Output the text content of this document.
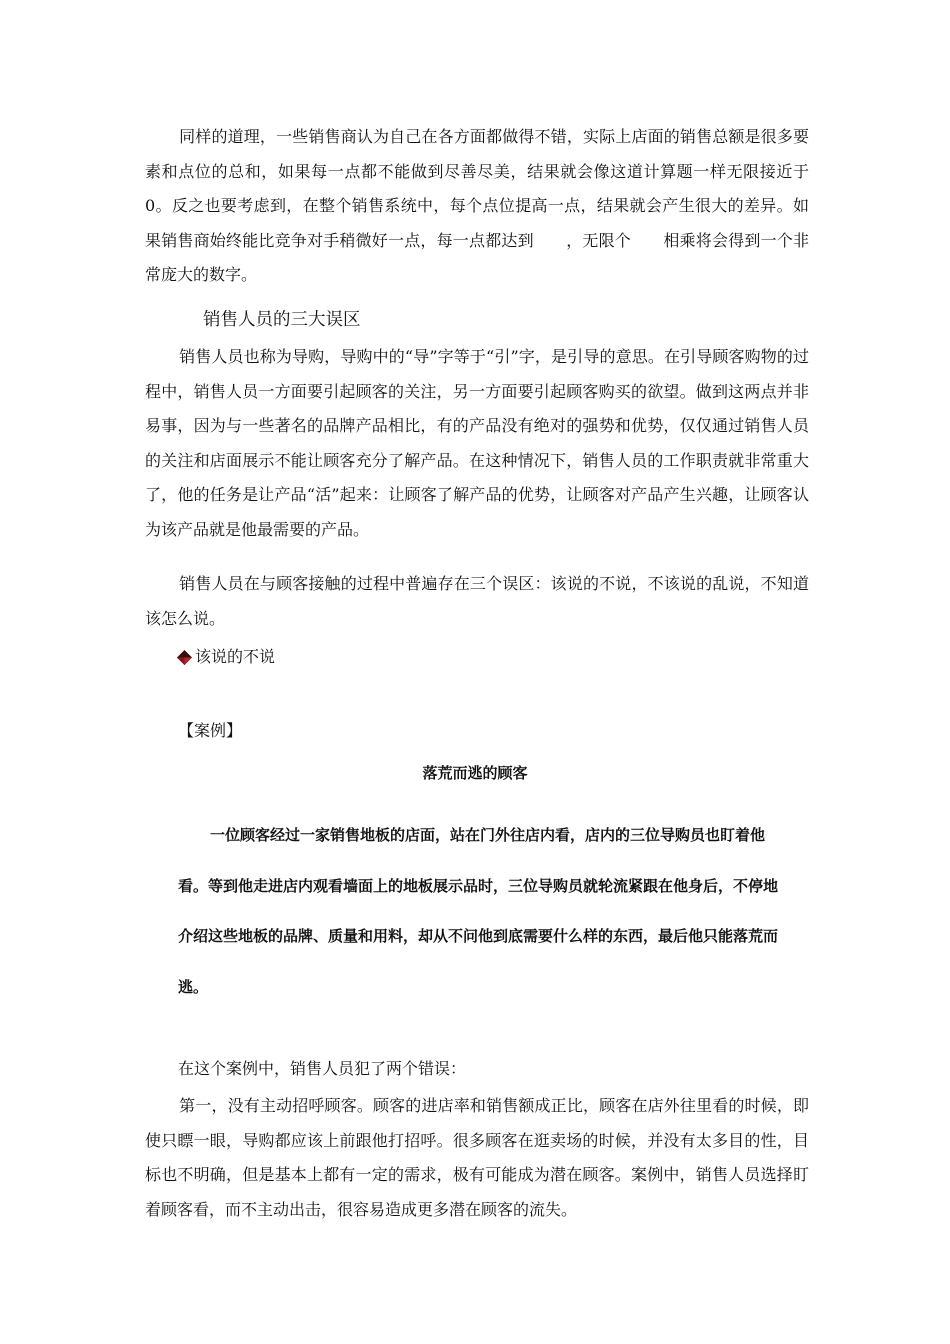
同样的道理，一些销售商认为自己在各方面都做得不错，实际上店面的销售总额是很多要素和点位的总和，如果每一点都不能做到尽善尽美，结果就会像这道计算题一样无限接近于 0。反之也要考虑到，在整个销售系统中，每个点位提高一点，结果就会产生很大的差异。如果销售商始终能比竞争对手稍微好一点，每一点都达到　　，无限个　　相乘将会得到一个非常庞大的数字。

销售人员的三大误区

销售人员也称为导购，导购中的“导”字等于“引”字，是引导的意思。在引导顾客购物的过程中，销售人员一方面要引起顾客的关注，另一方面要引起顾客购买的欲望。做到这两点并非易事，因为与一些著名的品牌产品相比，有的产品没有绝对的强势和优势，仅仅通过销售人员的关注和店面展示不能让顾客充分了解产品。在这种情况下，销售人员的工作职责就非常重大了，他的任务是让产品“活”起来：让顾客了解产品的优势，让顾客对产品产生兴趣，让顾客认为该产品就是他最需要的产品。

销售人员在与顾客接触的过程中普遍存在三个误区：该说的不说，不该说的乱说，不知道该怎么说。

该说的不说
【案例】
落荒而逃的顾客

一位顾客经过一家销售地板的店面，站在门外往店内看，店内的三位导购员也盯着他看。等到他走进店内观看墙面上的地板展示品时，三位导购员就轮流紧跟在他身后，不停地介绍这些地板的品牌、质量和用料，却从不问他到底需要什么样的东西，最后他只能落荒而逃。

在这个案例中，销售人员犯了两个错误：

第一，没有主动招呼顾客。顾客的进店率和销售额成正比，顾客在店外往里看的时候，即使只瞟一眼，导购都应该上前跟他打招呼。很多顾客在逛卖场的时候，并没有太多目的性，目标也不明确，但是基本上都有一定的需求，极有可能成为潜在顾客。案例中，销售人员选择盯着顾客看，而不主动出击，很容易造成更多潜在顾客的流失。
